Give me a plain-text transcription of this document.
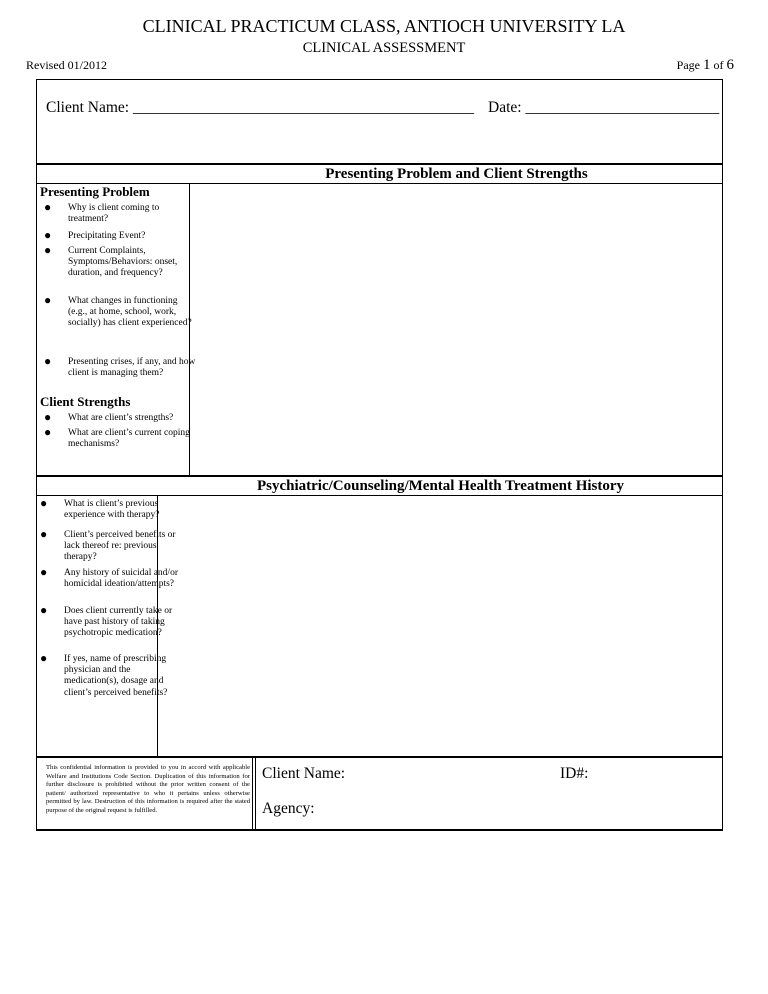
CLINICAL PRACTICUM CLASS, ANTIOCH UNIVERSITY LA
CLINICAL ASSESSMENT
Revised 01/2012	Page 1 of 6
Client Name: ____________________________________________ Date: _________________________
Presenting Problem and Client Strengths
Presenting Problem
● Why is client coming to treatment?
● Precipitating Event?
● Current Complaints, Symptoms/Behaviors: onset, duration, and frequency?
● What changes in functioning (e.g., at home, school, work, socially) has client experienced?
● Presenting crises, if any, and how client is managing them?
Client Strengths
● What are client’s strengths?
● What are client’s current coping mechanisms?
Psychiatric/Counseling/Mental Health Treatment History
● What is client’s previous experience with therapy?
● Client’s perceived benefits or lack thereof re: previous therapy?
● Any history of suicidal and/or homicidal ideation/attempts?
● Does client currently take or have past history of taking psychotropic medication?
● If yes, name of prescribing physician and the medication(s), dosage and client’s perceived benefits?
This confidential information is provided to you in accord with applicable Welfare and Institutions Code Section. Duplication of this information for further disclosure is prohibited without the prior written consent of the patient/ authorized representative to who it pertains unless otherwise permitted by law. Destruction of this information is required after the stated purpose of the original request is fulfilled.
Client Name:	ID#:
Agency:
